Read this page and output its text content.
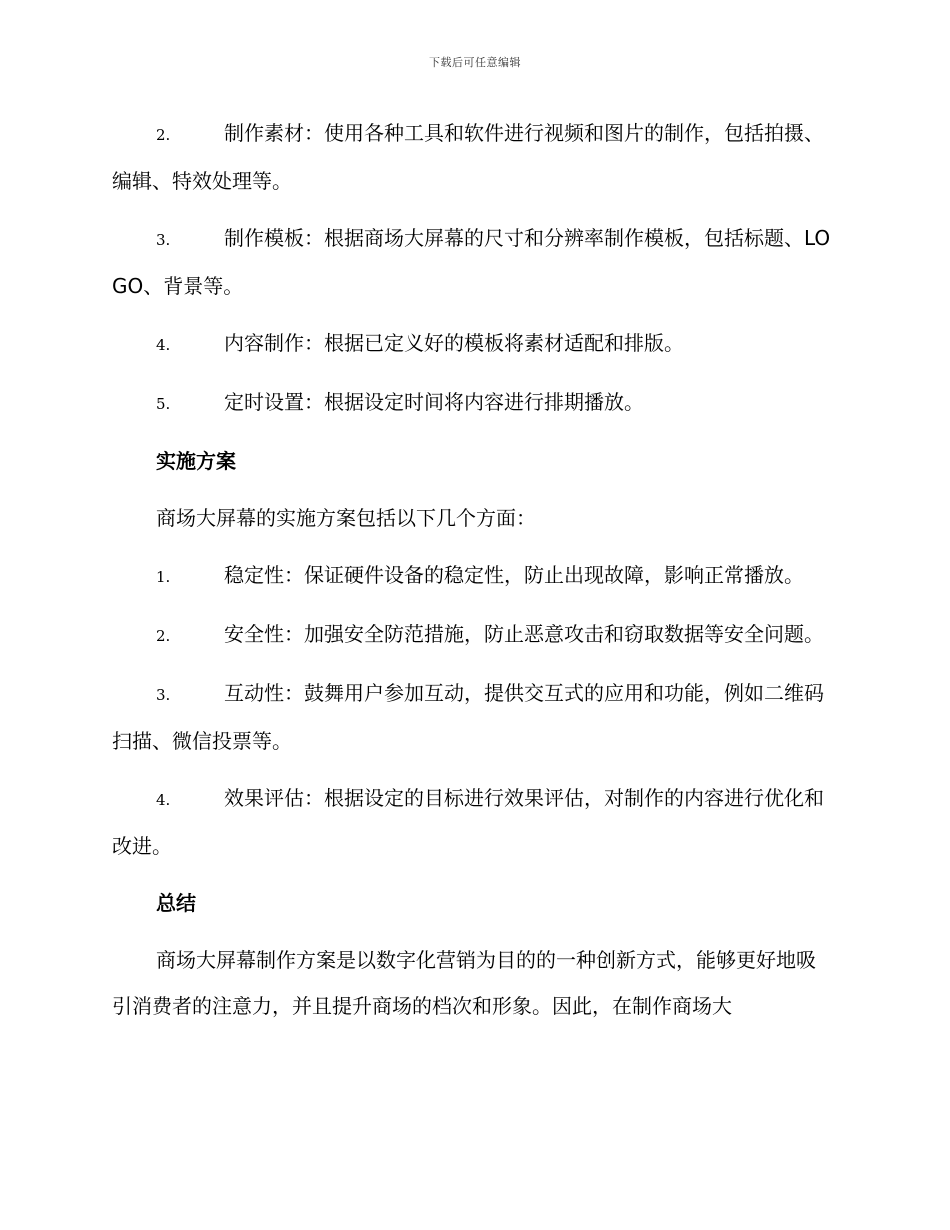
下载后可任意编辑

2.	制作素材：使用各种工具和软件进行视频和图片的制作，包括拍摄、编辑、特效处理等。

3.	制作模板：根据商场大屏幕的尺寸和分辨率制作模板，包括标题、LOGO、背景等。

4.	内容制作：根据已定义好的模板将素材适配和排版。

5.	定时设置：根据设定时间将内容进行排期播放。

实施方案

商场大屏幕的实施方案包括以下几个方面：

1.	稳定性：保证硬件设备的稳定性，防止出现故障，影响正常播放。

2.	安全性：加强安全防范措施，防止恶意攻击和窃取数据等安全问题。

3.	互动性：鼓舞用户参加互动，提供交互式的应用和功能，例如二维码扫描、微信投票等。

4.	效果评估：根据设定的目标进行效果评估，对制作的内容进行优化和改进。

总结

商场大屏幕制作方案是以数字化营销为目的的一种创新方式，能够更好地吸引消费者的注意力，并且提升商场的档次和形象。因此，在制作商场大
